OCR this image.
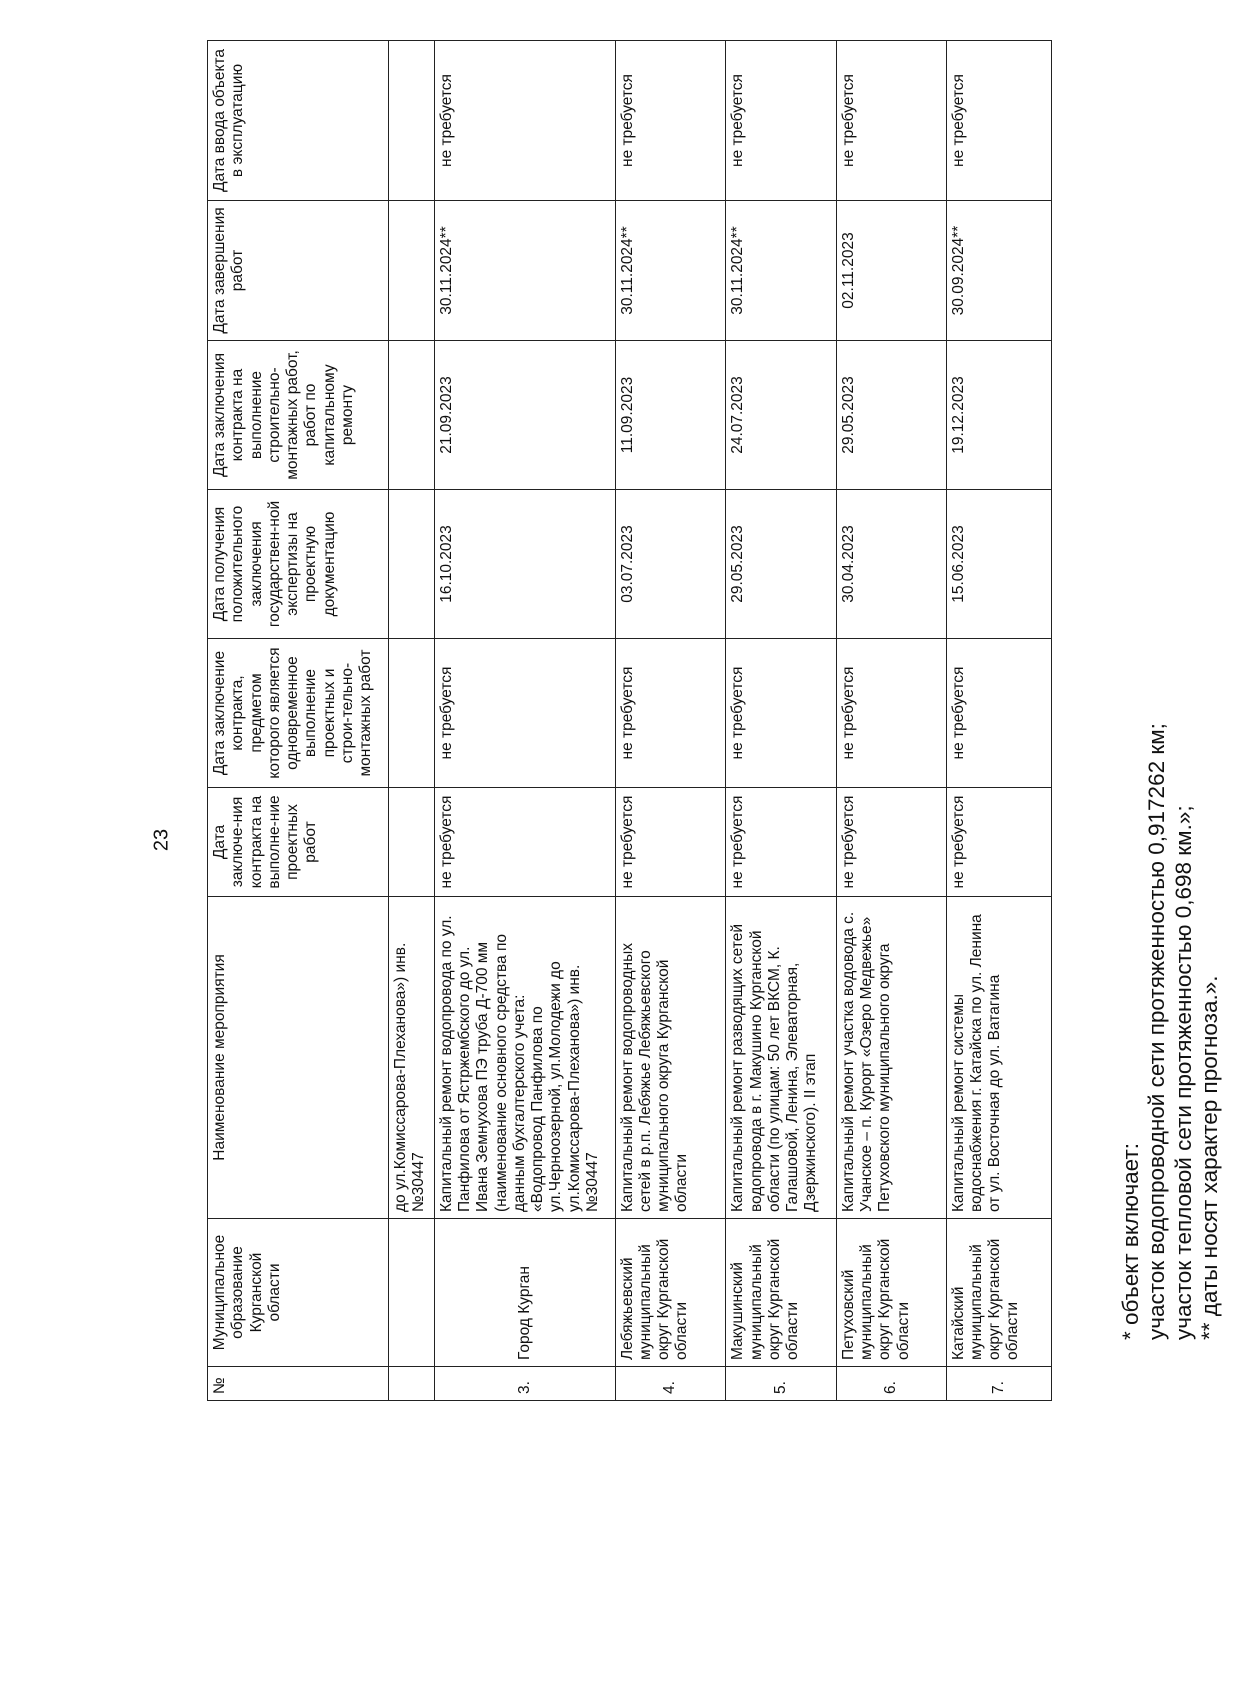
23
№	Муниципальное образование Курганской области	Наименование мероприятия	Дата заключе-ния контракта на выполне-ние проектных работ	Дата заключение контракта, предметом которого является одновременное выполнение проектных и строи-тельно-монтажных работ	Дата получения положительного заключения государствен-ной экспертизы на проектную документацию	Дата заключения контракта на выполнение строительно-монтажных работ, работ по капитальному ремонту	Дата завершения работ	Дата ввода объекта в эксплуатацию
		до ул.Комиссарова-Плеханова») инв. №30447						
3.	Город Курган	Капитальный ремонт водопровода по ул. Панфилова от Ястржембского до ул. Ивана Земнухова ПЭ труба Д-700 мм (наименование основного средства по данным бухгалтерского учета: «Водопровод Панфилова по ул.Черноозерной, ул.Молодежи до ул.Комиссарова-Плеханова») инв. №30447	не требуется	не требуется	16.10.2023	21.09.2023	30.11.2024**	не требуется
4.	Лебяжьевский муниципальный округ Курганской области	Капитальный ремонт водопроводных сетей в р.п. Лебяжье Лебяжьевского муниципального округа Курганской области	не требуется	не требуется	03.07.2023	11.09.2023	30.11.2024**	не требуется
5.	Макушинский муниципальный округ Курганской области	Капитальный ремонт разводящих сетей водопровода в г. Макушино Курганской области (по улицам: 50 лет ВКСМ, К. Галашовой, Ленина, Элеваторная, Дзержинского). II этап	не требуется	не требуется	29.05.2023	24.07.2023	30.11.2024**	не требуется
6.	Петуховский муниципальный округ Курганской области	Капитальный ремонт участка водовода с. Учанское – п. Курорт «Озеро Медвежье» Петуховского муниципального округа	не требуется	не требуется	30.04.2023	29.05.2023	02.11.2023	не требуется
7.	Катайский муниципальный округ Курганской области	Капитальный ремонт системы водоснабжения г. Катайска по ул. Ленина от ул. Восточная до ул. Ватагина	не требуется	не требуется	15.06.2023	19.12.2023	30.09.2024**	не требуется
* объект включает: участок водопроводной сети протяженностью 0,917262 км; участок тепловой сети протяженностью 0,698 км.»; ** даты носят характер прогноза.».
